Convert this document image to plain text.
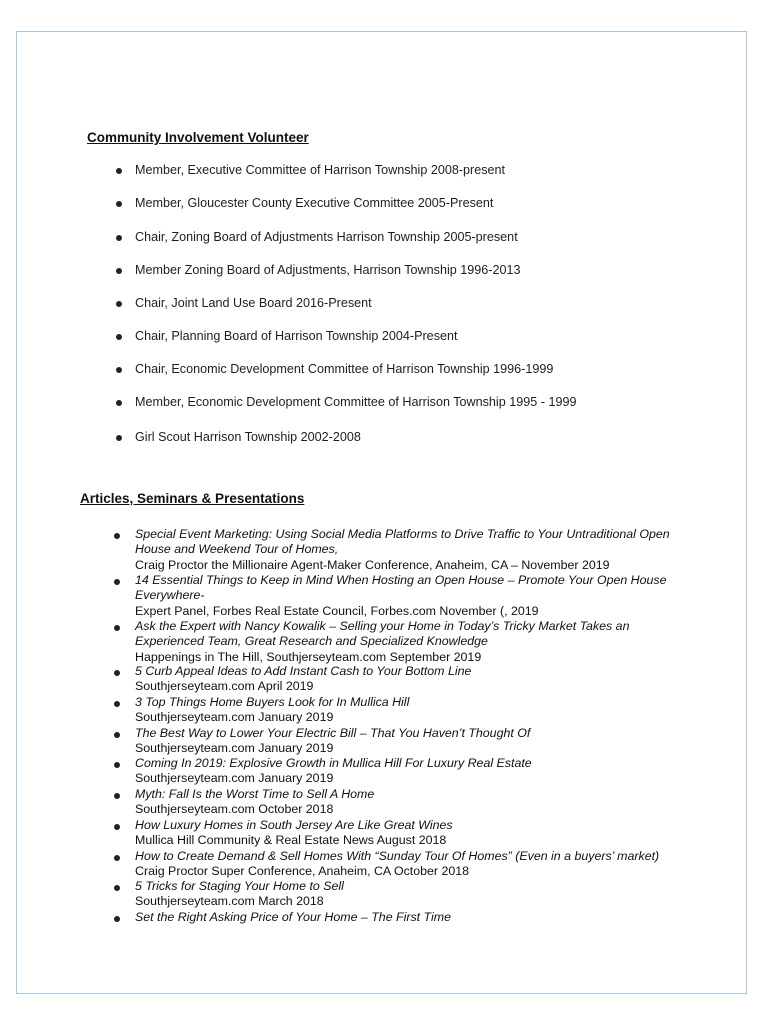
Community Involvement Volunteer
Member, Executive Committee of Harrison Township 2008-present
Member, Gloucester County Executive Committee 2005-Present
Chair, Zoning Board of Adjustments Harrison Township 2005-present
Member Zoning Board of Adjustments, Harrison Township 1996-2013
Chair, Joint Land Use Board 2016-Present
Chair, Planning Board of Harrison Township 2004-Present
Chair, Economic Development Committee of Harrison Township 1996-1999
Member, Economic Development Committee of Harrison Township 1995 - 1999
Girl Scout Harrison Township 2002-2008
Articles, Seminars & Presentations
Special Event Marketing: Using Social Media Platforms to Drive Traffic to Your Untraditional Open House and Weekend Tour of Homes,
Craig Proctor the Millionaire Agent-Maker Conference, Anaheim, CA – November 2019
14 Essential Things to Keep in Mind When Hosting an Open House – Promote Your Open House Everywhere-
Expert Panel, Forbes Real Estate Council, Forbes.com November (, 2019
Ask the Expert with Nancy Kowalik – Selling your Home in Today’s Tricky Market Takes an Experienced Team, Great Research and Specialized Knowledge
Happenings in The Hill, Southjerseyteam.com September 2019
5 Curb Appeal Ideas to Add Instant Cash to Your Bottom Line
Southjerseyteam.com April 2019
3 Top Things Home Buyers Look for In Mullica Hill
Southjerseyteam.com January 2019
The Best Way to Lower Your Electric Bill – That You Haven’t Thought Of
Southjerseyteam.com January 2019
Coming In 2019: Explosive Growth in Mullica Hill For Luxury Real Estate
Southjerseyteam.com January 2019
Myth: Fall Is the Worst Time to Sell A Home
Southjerseyteam.com October 2018
How Luxury Homes in South Jersey Are Like Great Wines
Mullica Hill Community & Real Estate News August 2018
How to Create Demand & Sell Homes With “Sunday Tour Of Homes” (Even in a buyers’ market)
Craig Proctor Super Conference, Anaheim, CA October 2018
5 Tricks for Staging Your Home to Sell
Southjerseyteam.com March 2018
Set the Right Asking Price of Your Home – The First Time
